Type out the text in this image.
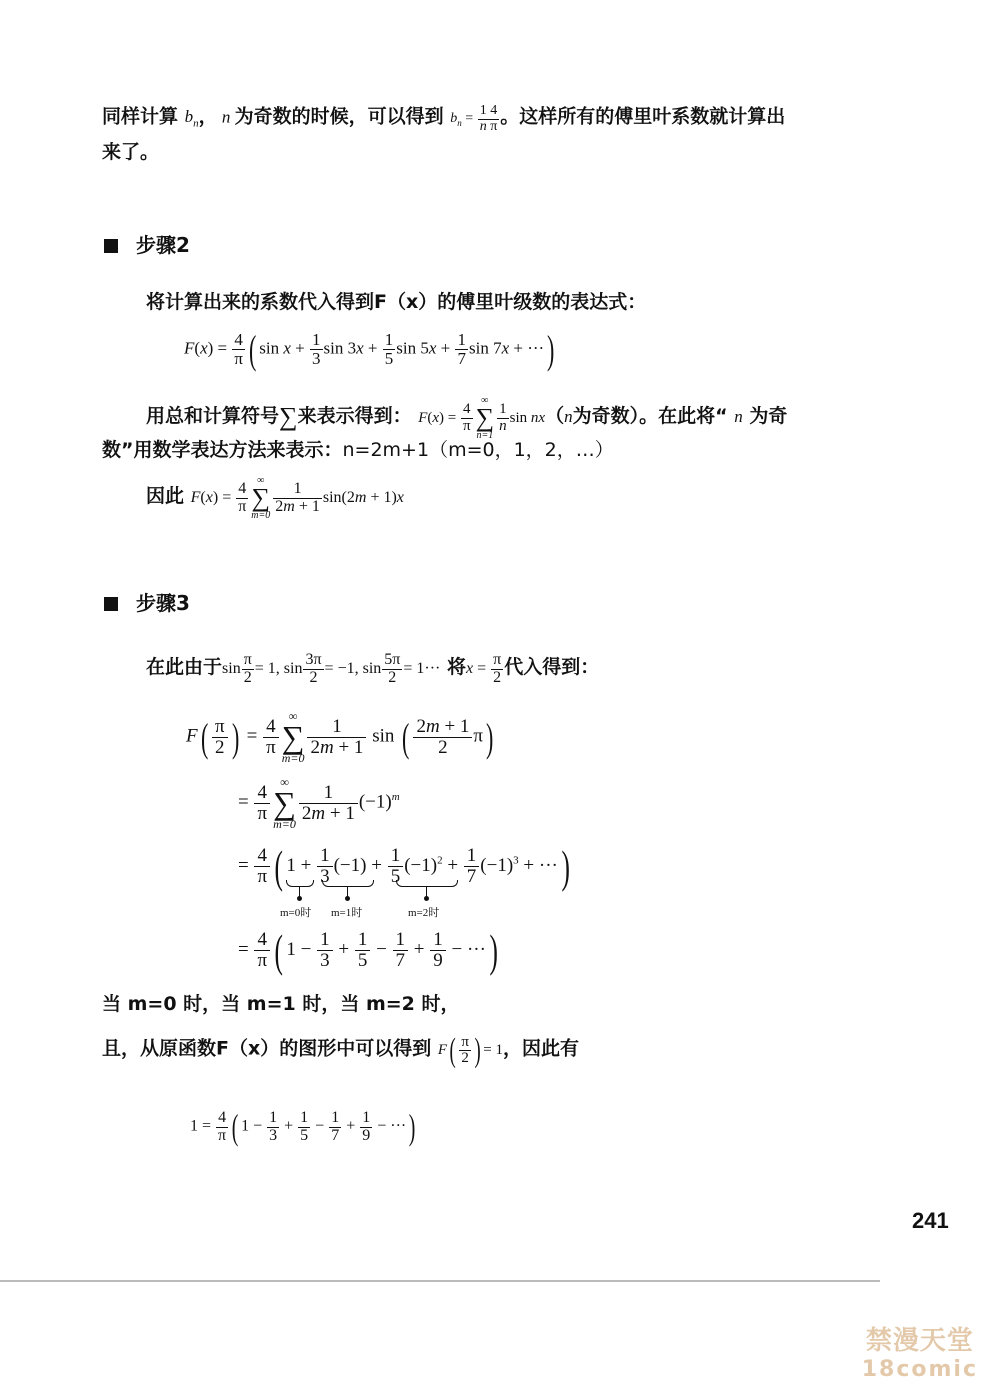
同样计算 $b_n$， n 为奇数的时候，可以得到 $b_n = \frac{1 4}{\text{n π}}$ 。这样所有的傅里叶系数就计算出
来了。
步骤2
将计算出来的系数代入得到F（x）的傅里叶级数的表达式：
$F(x) = \frac{4}{\pi}$ ( $\sin x + \frac{1}{3}$ $\sin 3x + \frac{1}{5}$ $\sin 5x + \frac{1}{7}$ sin 7x + ···)
用总和计算符号∑来表示得到： $F(x) = \frac{4}{\pi}$
∞
∑
n=1
$\frac{1}{n}$ sin nx（n为奇数）。在此将“ n 为奇
数”用数学表达方法来表示：n=2m+1（m=0，1，2，…）
因此 $F(x) = \frac{4}{\pi}$
∞
∑
$m=0 \frac{1}{2m + 1} \sin(2m + 1)x$
步骤3
在此由于$\sin \frac{\pi}{2} = 1$, $\sin \frac{3\pi}{2} = -1$, $\sin \frac{5\pi}{2} = 1\cdot\cdot\cdot$ 将$x = \frac{\pi}{2}$ 代入得到：
$F( \frac{\pi}{2}$ ) = $\frac{4}{\pi}$
∞
∑
m=0
$\frac{1}{2m + 1}$ sin ( $\frac{2m + 1}{2} \pi$)
= $\frac{4}{\pi}$
∞
∑
m=0
$\frac{1}{2m + 1} (-1)^m$
= $\frac{4}{\pi}$ ( $1 + \frac{1}{3} (-1) + \frac{1}{5} (-1)^2 + \frac{1}{7} (-1)^3$ + ···)
m=0时 m=1时	m=2时
= $\frac{4}{\pi}$ ( $1 - \frac{1}{3} + \frac{1}{5} - \frac{1}{7} + \frac{1}{9}$ − ···)
当 m=0 时，当 m=1 时，当 m=2 时，
且，从原函数F（x）的图形中可以得到 $F( \frac{\pi}{2}$ ) = 1，因此有
$1 = \frac{4}{\pi}$ ( $1 - \frac{1}{3} + \frac{1}{5} - \frac{1}{7} + \frac{1}{9}$ − ···)
241
禁漫天堂
18comic
